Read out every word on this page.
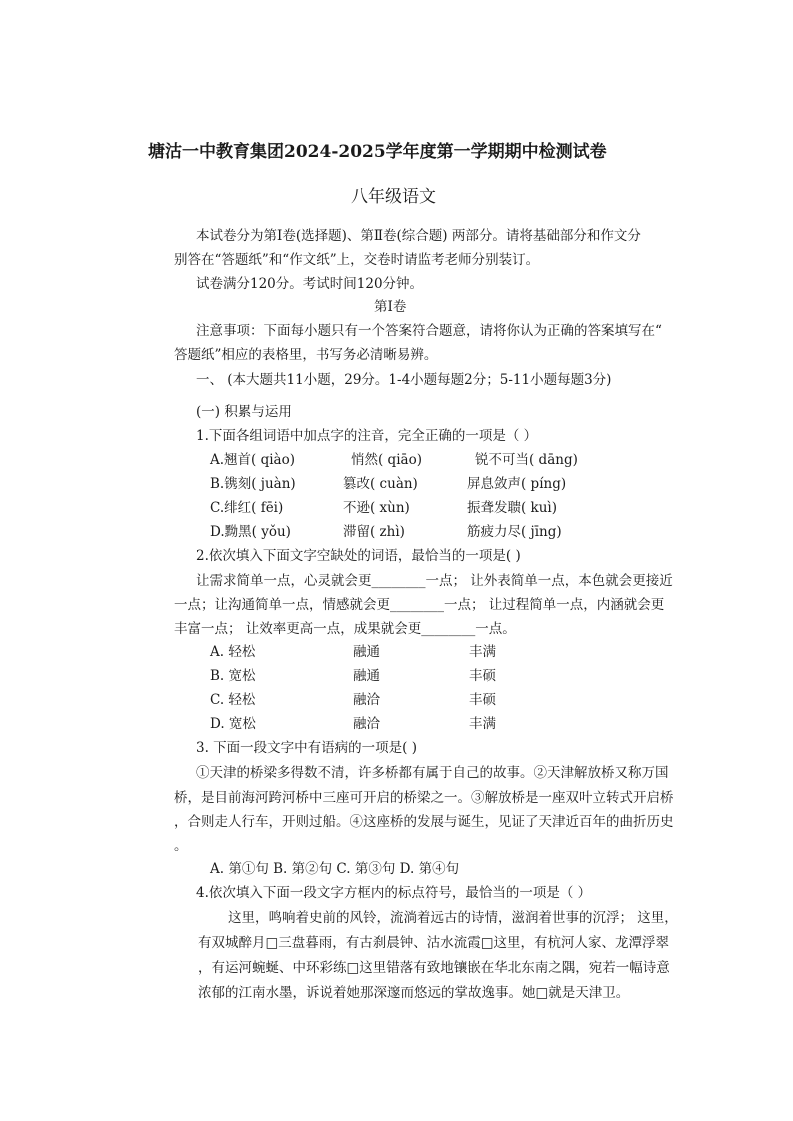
塘沽一中教育集团2024-2025学年度第一学期期中检测试卷
八年级语文
本试卷分为第Ⅰ卷(选择题)、第Ⅱ卷(综合题) 两部分。请将基础部分和作文分
别答在“答题纸”和“作文纸”上，交卷时请监考老师分别装订。
试卷满分120分。考试时间120分钟。
第Ⅰ卷
注意事项：下面每小题只有一个答案符合题意，请将你认为正确的答案填写在“
答题纸”相应的表格里，书写务必清晰易辨。
一、 (本大题共11小题，29分。1-4小题每题2分；5-11小题每题3分)
(一) 积累与运用
1.下面各组词语中加点字的注音，完全正确的一项是（ ）
A.翘首( qiào)	悄然( qiāo)	锐不可当( dāng)
B.镌刻( juàn)	篡改( cuàn)	屏息敛声( píng)
C.绯红( fēi)	不逊( xùn)	振聋发聩( kuì)
D.黝黑( yǒu)	滞留( zhì)	筋疲力尽( jīng)
2.依次填入下面文字空缺处的词语，最恰当的一项是( )
让需求简单一点，心灵就会更________一点； 让外表简单一点，本色就会更接近
一点；让沟通简单一点，情感就会更________一点； 让过程简单一点，内涵就会更
丰富一点； 让效率更高一点，成果就会更________一点。
A. 轻松	融通	丰满
B. 宽松	融通	丰硕
C. 轻松	融洽	丰硕
D. 宽松	融洽	丰满
3. 下面一段文字中有语病的一项是( )
①天津的桥梁多得数不清，许多桥都有属于自己的故事。②天津解放桥又称万国
桥，是目前海河跨河桥中三座可开启的桥梁之一。③解放桥是一座双叶立转式开启桥
，合则走人行车，开则过船。④这座桥的发展与诞生，见证了天津近百年的曲折历史
。
A. 第①句 B. 第②句 C. 第③句 D. 第④句
4.依次填入下面一段文字方框内的标点符号，最恰当的一项是（ ）
这里，鸣响着史前的风铃，流淌着远古的诗情，滋润着世事的沉浮； 这里，
有双城醉月□三盘暮雨，有古刹晨钟、沽水流霞□这里，有杭河人家、龙潭浮翠
，有运河蜿蜒、中环彩练□这里错落有致地镶嵌在华北东南之隅，宛若一幅诗意
浓郁的江南水墨，诉说着她那深邃而悠远的掌故逸事。她□就是天津卫。
